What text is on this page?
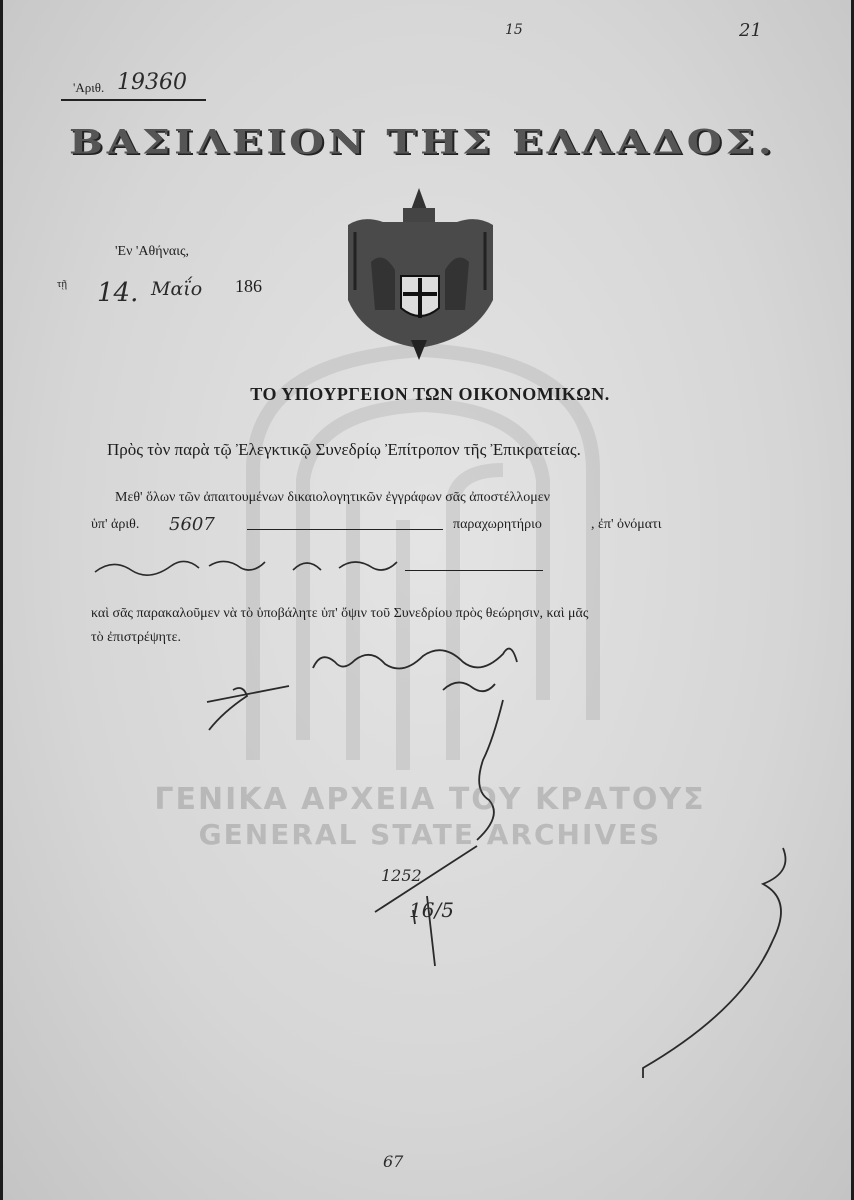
'Αριθ. 19360
15	21
ΒΑΣΙΛΕΙΟΝ ΤΗΣ ΕΛΛΑΔΟΣ.
'Εν 'Αθήναις,
τῇ 14. Μαΐο 186
ΤΟ ΥΠΟΥΡΓΕΙΟΝ ΤΩΝ ΟΙΚΟΝΟΜΙΚΩΝ.
Πρὸς τὸν παρὰ τῷ Ἐλεγκτικῷ Συνεδρίῳ Ἐπίτροπον τῆς Ἐπικρατείας.
Μεθ' ὅλων τῶν ἀπαιτουμένων δικαιολογητικῶν ἐγγράφων σᾶς ἀποστέλλομεν
ὑπ' ἀριθ. 5607	παραχωρητήριο	, ἐπ' ὀνόματι
καὶ σᾶς παρακαλοῦμεν νὰ τὸ ὑποβάλητε ὑπ' ὄψιν τοῦ Συνεδρίου πρὸς θεώρησιν, καὶ μᾶς
τὸ ἐπιστρέψητε.
ΓΕΝΙΚΑ ΑΡΧΕΙΑ ΤΟΥ ΚΡΑΤΟΥΣ
GENERAL STATE ARCHIVES
1252
16/5
67
